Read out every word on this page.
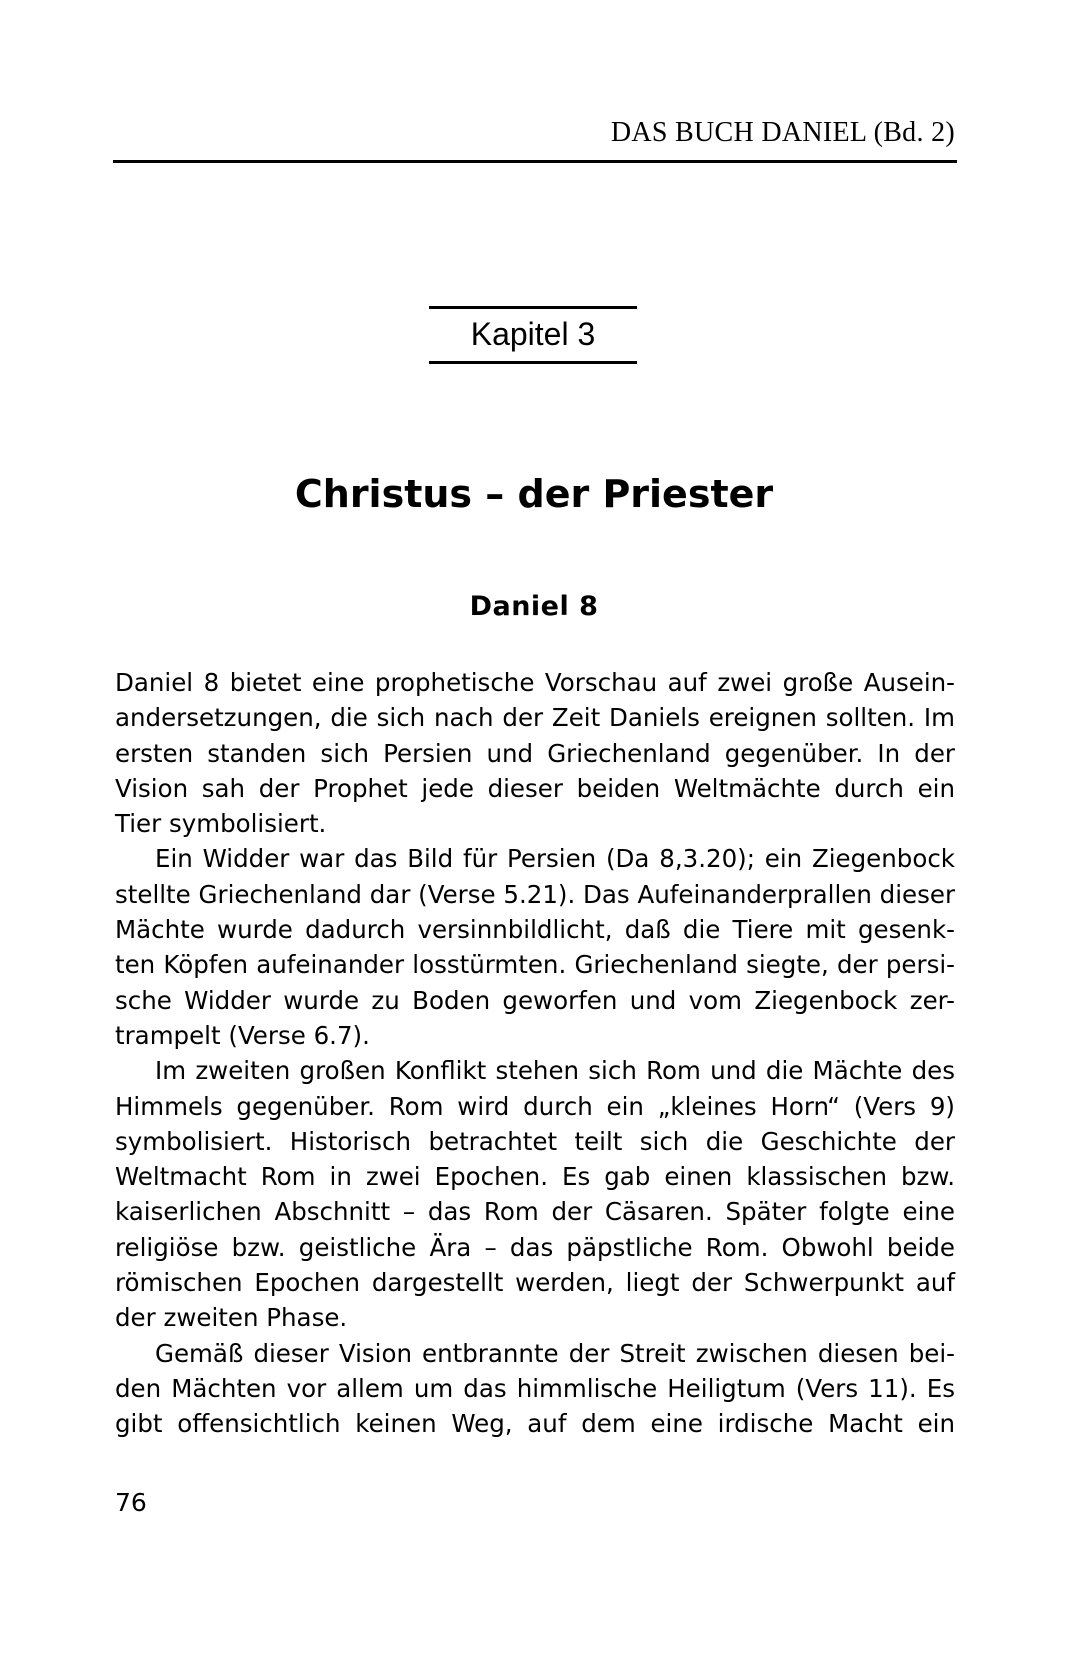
DAS BUCH DANIEL (Bd. 2)
Kapitel 3
Christus – der Priester
Daniel 8

Daniel 8 bietet eine prophetische Vorschau auf zwei große Ausein-
andersetzungen, die sich nach der Zeit Daniels ereignen sollten. Im
ersten standen sich Persien und Griechenland gegenüber. In der
Vision sah der Prophet jede dieser beiden Weltmächte durch ein
Tier symbolisiert.

Ein Widder war das Bild für Persien (Da 8,3.20); ein Ziegenbock
stellte Griechenland dar (Verse 5.21). Das Aufeinanderprallen dieser
Mächte wurde dadurch versinnbildlicht, daß die Tiere mit gesenk-
ten Köpfen aufeinander losstürmten. Griechenland siegte, der persi-
sche Widder wurde zu Boden geworfen und vom Ziegenbock zer-
trampelt (Verse 6.7).

Im zweiten großen Konflikt stehen sich Rom und die Mächte des
Himmels gegenüber. Rom wird durch ein „kleines Horn“ (Vers 9)
symbolisiert. Historisch betrachtet teilt sich die Geschichte der
Weltmacht Rom in zwei Epochen. Es gab einen klassischen bzw.
kaiserlichen Abschnitt – das Rom der Cäsaren. Später folgte eine
religiöse bzw. geistliche Ära – das päpstliche Rom. Obwohl beide
römischen Epochen dargestellt werden, liegt der Schwerpunkt auf
der zweiten Phase.

Gemäß dieser Vision entbrannte der Streit zwischen diesen bei-
den Mächten vor allem um das himmlische Heiligtum (Vers 11). Es
gibt offensichtlich keinen Weg, auf dem eine irdische Macht ein

76
